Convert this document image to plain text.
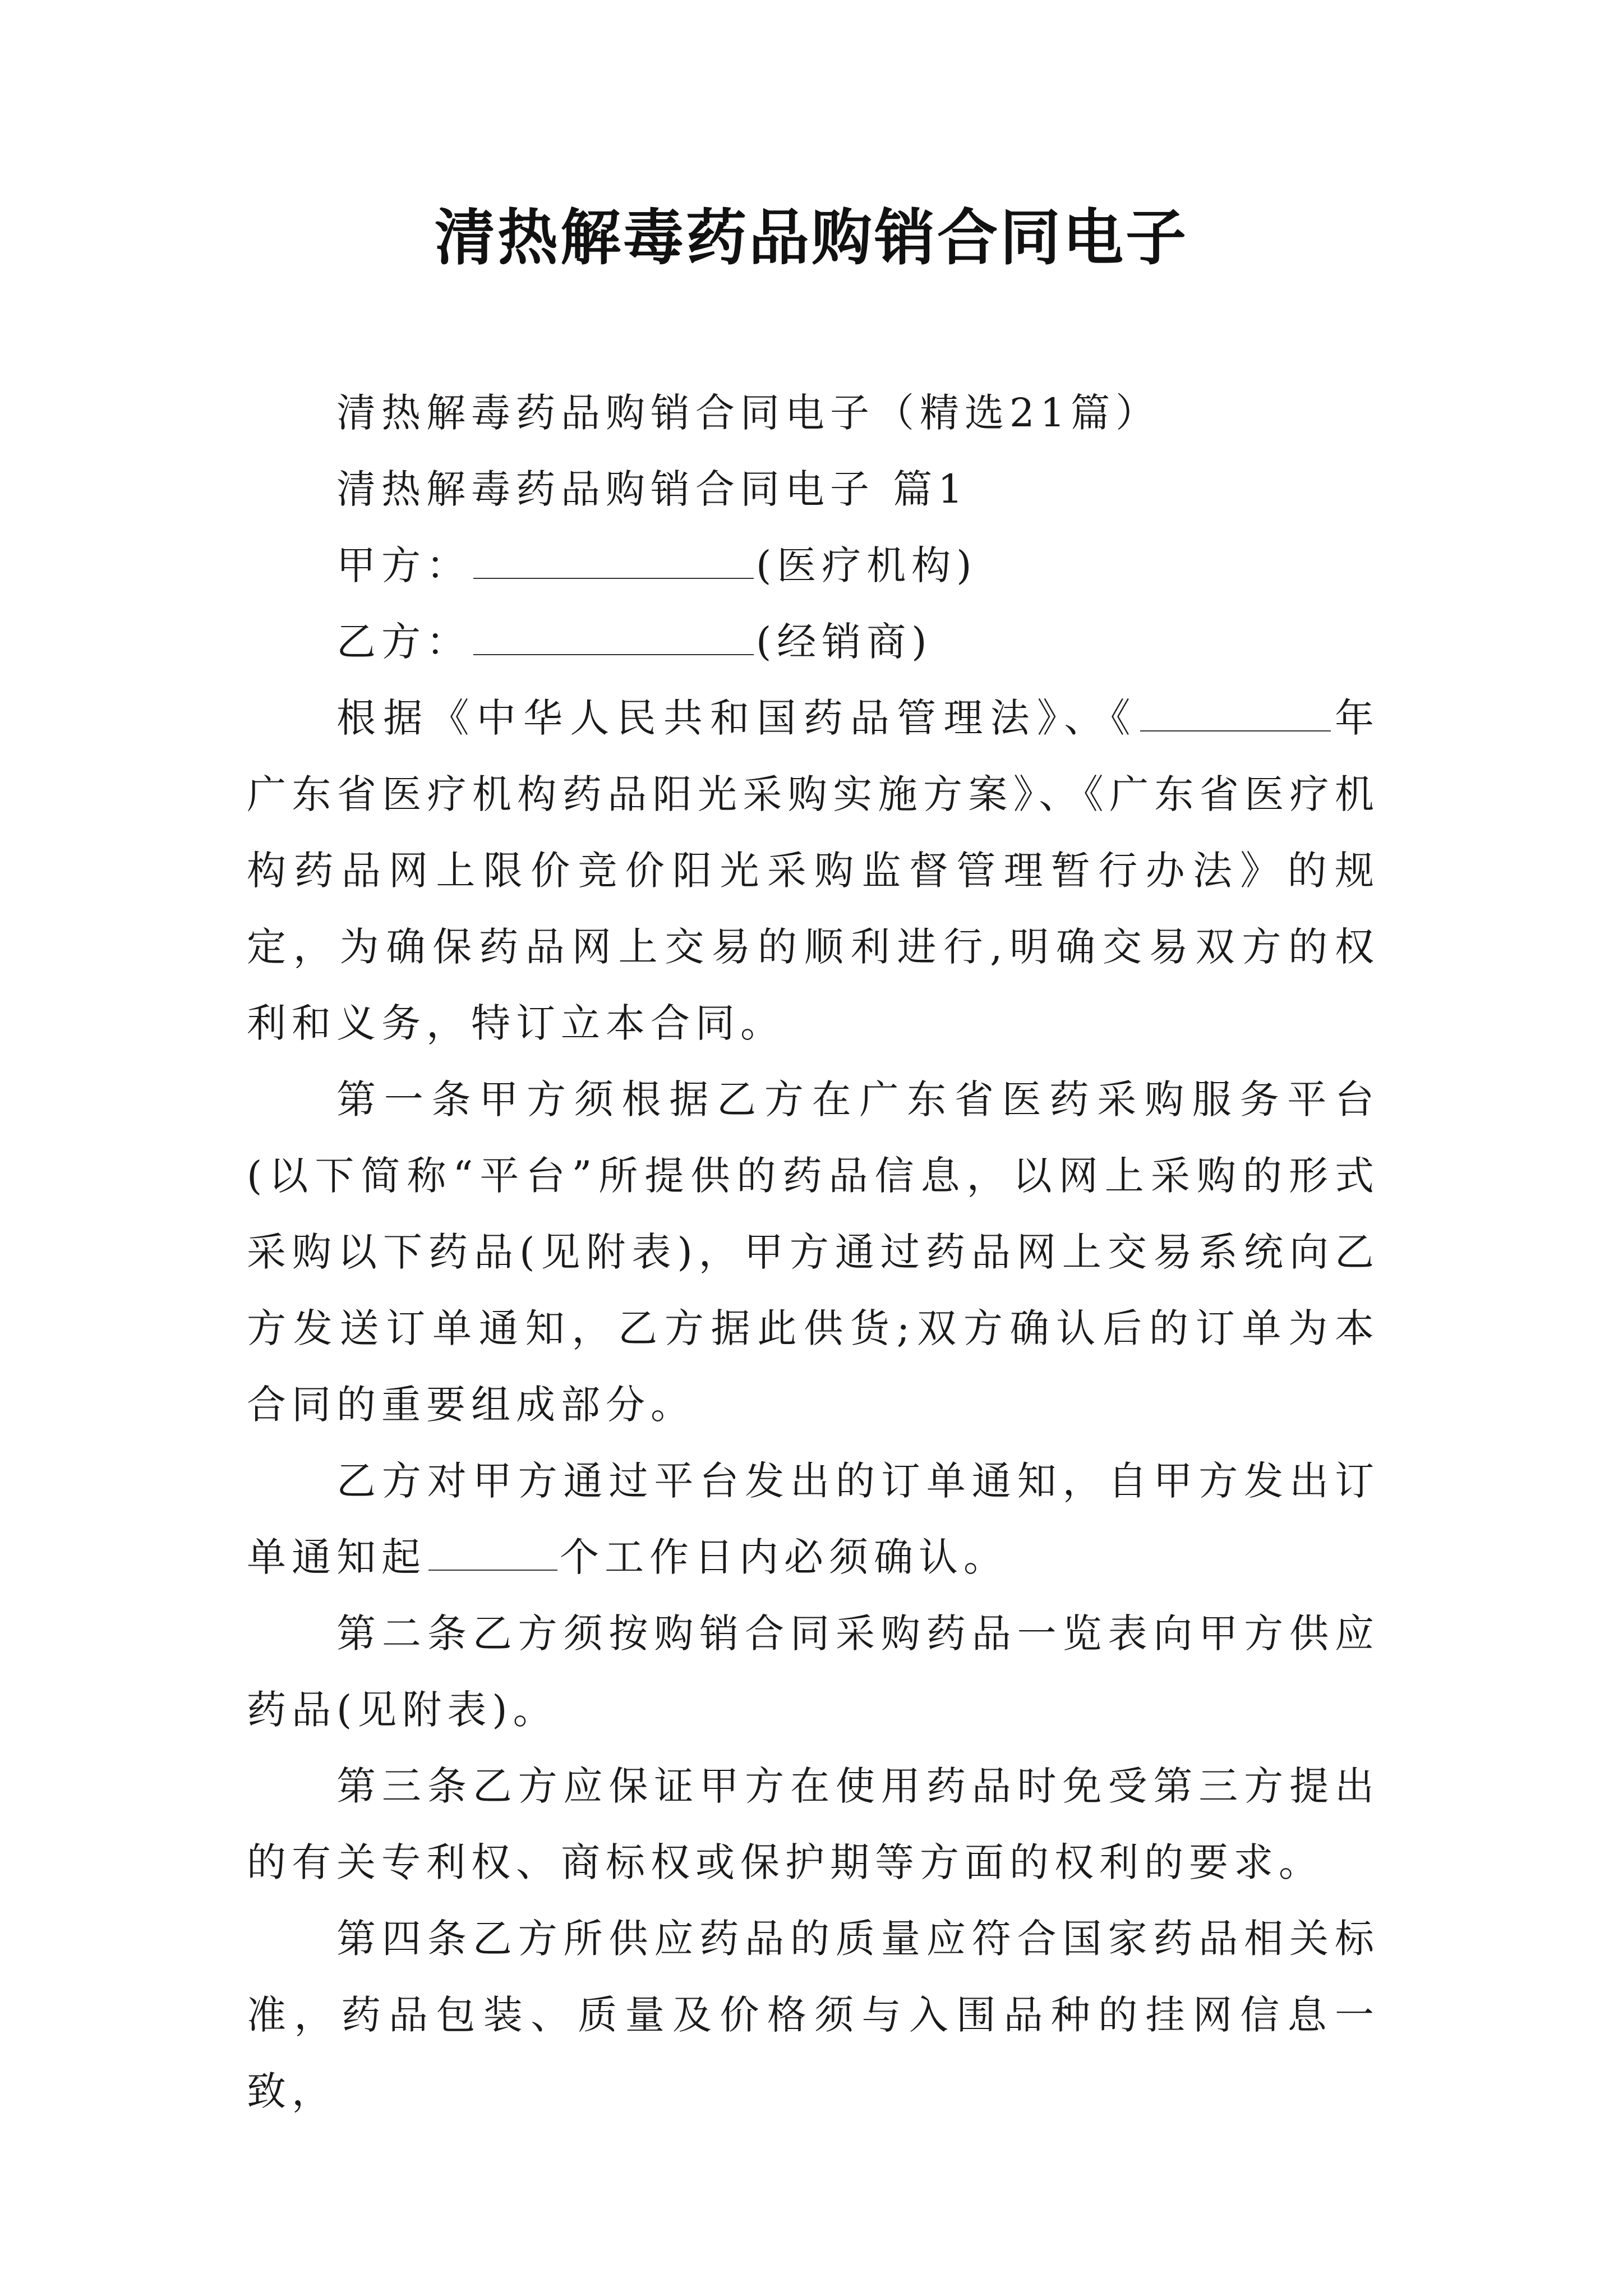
清热解毒药品购销合同电子

清热解毒药品购销合同电子（精选21篇）

清热解毒药品购销合同电子 篇1

甲方：	(医疗机构)

乙方：	(经销商)

根据《中华人民共和国药品管理法》、《	年广东省医疗机构药品阳光采购实施方案》、《广东省医疗机构药品网上限价竞价阳光采购监督管理暂行办法》的规定，为确保药品网上交易的顺利进行,明确交易双方的权利和义务，特订立本合同。

第一条甲方须根据乙方在广东省医药采购服务平台(以下简称“平台”所提供的药品信息，以网上采购的形式采购以下药品(见附表)，甲方通过药品网上交易系统向乙方发送订单通知，乙方据此供货;双方确认后的订单为本合同的重要组成部分。

乙方对甲方通过平台发出的订单通知，自甲方发出订单通知起	个工作日内必须确认。

第二条乙方须按购销合同采购药品一览表向甲方供应药品(见附表)。

第三条乙方应保证甲方在使用药品时免受第三方提出的有关专利权、商标权或保护期等方面的权利的要求。

第四条乙方所供应药品的质量应符合国家药品相关标准，药品包装、质量及价格须与入围品种的挂网信息一致，
